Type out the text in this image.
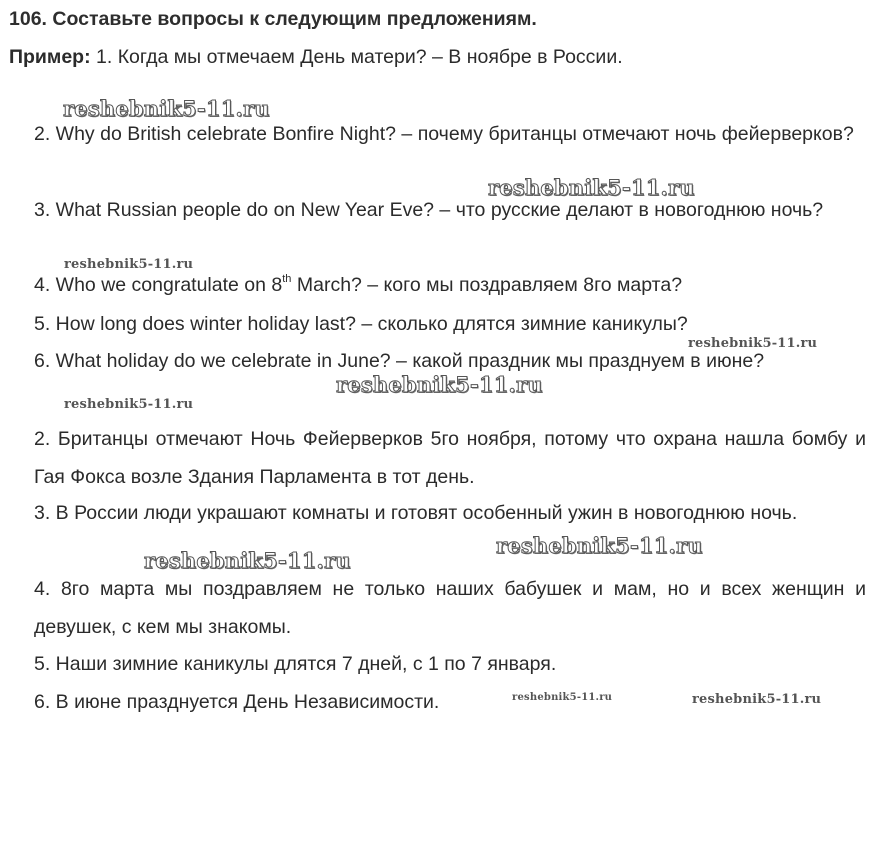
106. Составьте вопросы к следующим предложениям.
Пример: 1. Когда мы отмечаем День матери? – В ноябре в России.
2. Why do British celebrate Bonfire Night? – почему британцы отмечают ночь фейерверков?
3. What Russian people do on New Year Eve? – что русские делают в новогоднюю ночь?
4. Who we congratulate on 8th March? – кого мы поздравляем 8го марта?
5. How long does winter holiday last? – сколько длятся зимние каникулы?
6. What holiday do we celebrate in June? – какой праздник мы празднуем в июне?
2. Британцы отмечают Ночь Фейерверков 5го ноября, потому что охрана нашла бомбу и Гая Фокса возле Здания Парламента в тот день.
3. В России люди украшают комнаты и готовят особенный ужин в новогоднюю ночь.
4. 8го марта мы поздравляем не только наших бабушек и мам, но и всех женщин и девушек, с кем мы знакомы.
5. Наши зимние каникулы длятся 7 дней, с 1 по 7 января.
6. В июне празднуется День Независимости.
reshebnik5-11.ru
reshebnik5-11.ru
reshebnik5-11.ru
reshebnik5-11.ru
reshebnik5-11.ru
reshebnik5-11.ru
reshebnik5-11.ru
reshebnik5-11.ru
reshebnik5-11.ru	reshebnik5-11.ru
